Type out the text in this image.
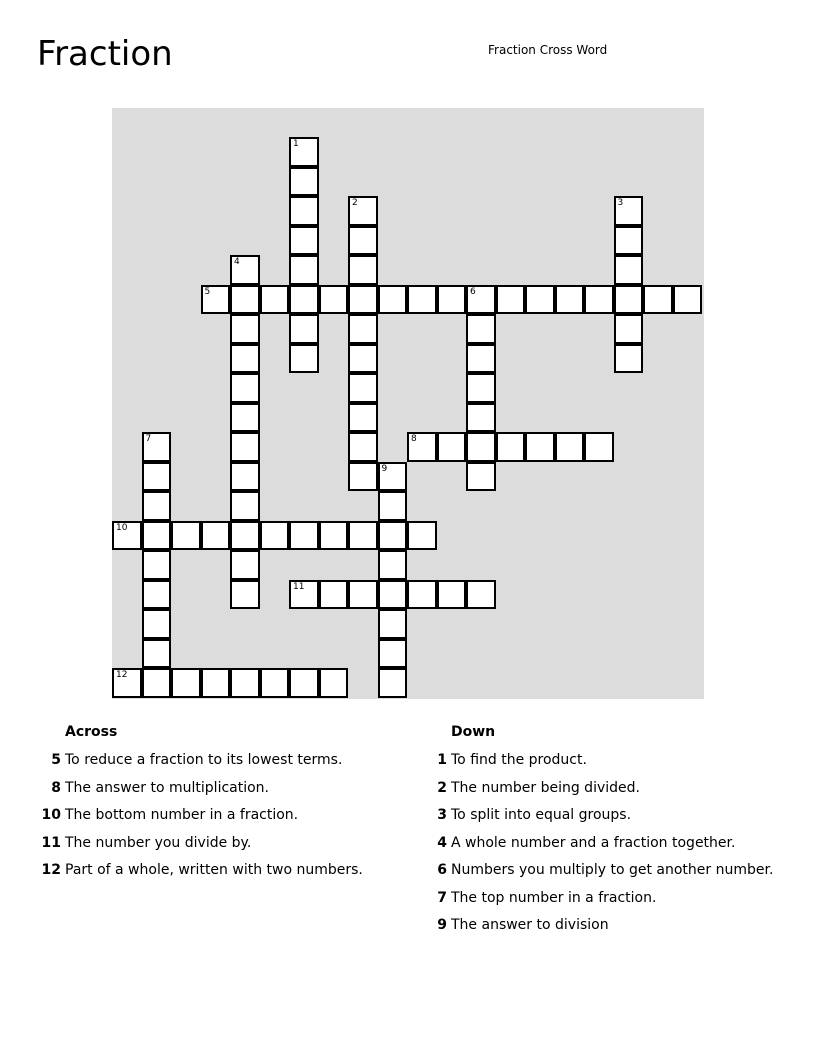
Fraction	Fraction Cross Word
1
2	3
4
5	6
7	8
9
10
11
12
Across
5 To reduce a fraction to its lowest terms.
8 The answer to multiplication.
10 The bottom number in a fraction.
11 The number you divide by.
12 Part of a whole, written with two numbers.
Down
1 To find the product.
2 The number being divided.
3 To split into equal groups.
4 A whole number and a fraction together.
6 Numbers you multiply to get another number.
7 The top number in a fraction.
9 The answer to division
